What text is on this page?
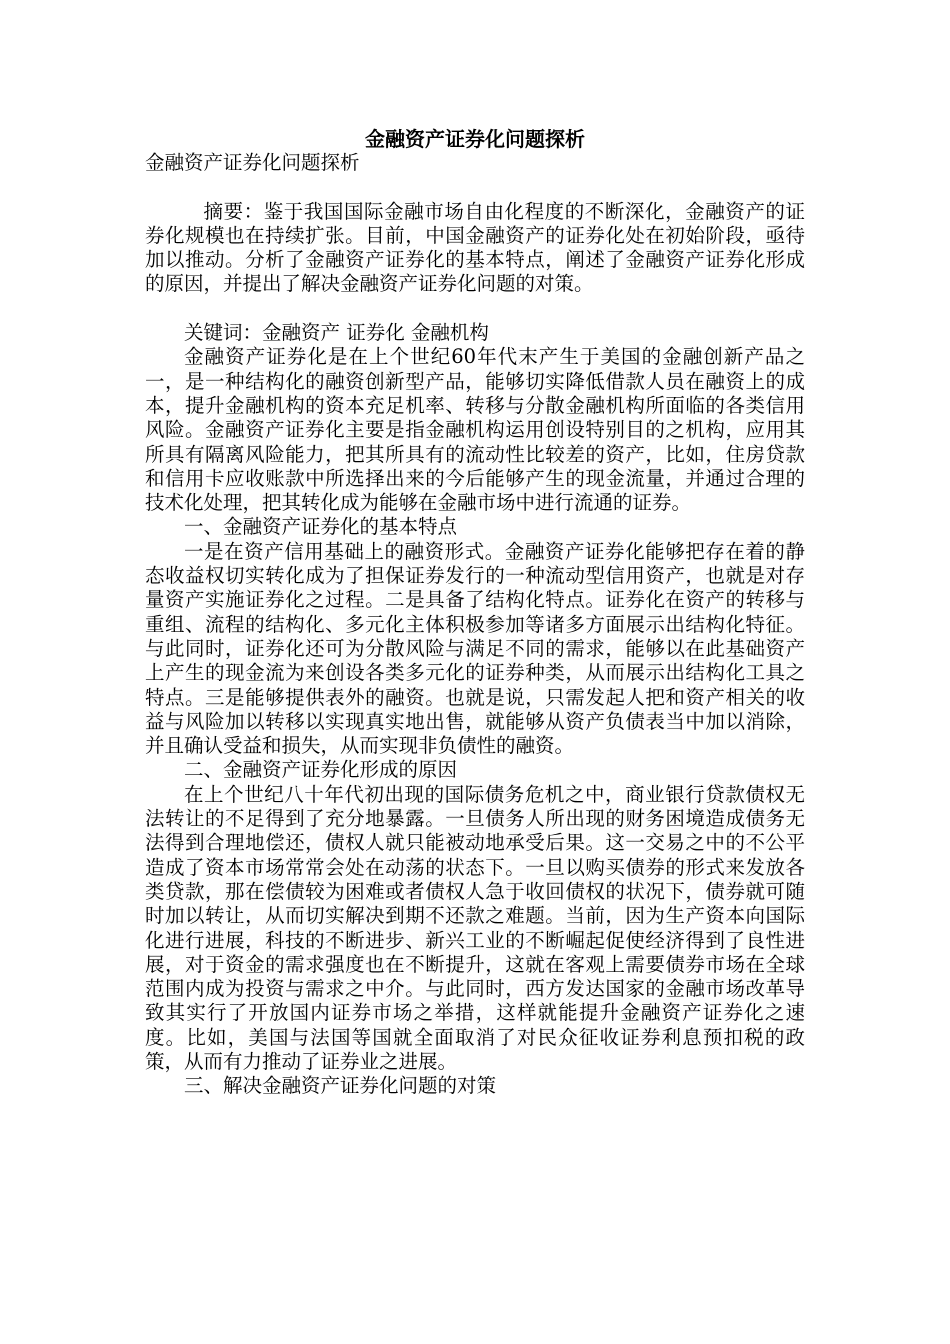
金融资产证券化问题探析

金融资产证券化问题探析

摘要：鉴于我国国际金融市场自由化程度的不断深化，金融资产的证券化规模也在持续扩张。目前，中国金融资产的证券化处在初始阶段，亟待加以推动。分析了金融资产证券化的基本特点，阐述了金融资产证券化形成的原因，并提出了解决金融资产证券化问题的对策。

关键词：金融资产 证券化 金融机构

金融资产证券化是在上个世纪60年代末产生于美国的金融创新产品之一，是一种结构化的融资创新型产品，能够切实降低借款人员在融资上的成本，提升金融机构的资本充足机率、转移与分散金融机构所面临的各类信用风险。金融资产证券化主要是指金融机构运用创设特别目的之机构，应用其所具有隔离风险能力，把其所具有的流动性比较差的资产，比如，住房贷款和信用卡应收账款中所选择出来的今后能够产生的现金流量，并通过合理的技术化处理，把其转化成为能够在金融市场中进行流通的证券。

一、金融资产证券化的基本特点

一是在资产信用基础上的融资形式。金融资产证券化能够把存在着的静态收益权切实转化成为了担保证券发行的一种流动型信用资产，也就是对存量资产实施证券化之过程。二是具备了结构化特点。证券化在资产的转移与重组、流程的结构化、多元化主体积极参加等诸多方面展示出结构化特征。与此同时，证券化还可为分散风险与满足不同的需求，能够以在此基础资产上产生的现金流为来创设各类多元化的证券种类，从而展示出结构化工具之特点。三是能够提供表外的融资。也就是说，只需发起人把和资产相关的收益与风险加以转移以实现真实地出售，就能够从资产负债表当中加以消除，并且确认受益和损失，从而实现非负债性的融资。

二、金融资产证券化形成的原因

在上个世纪八十年代初出现的国际债务危机之中，商业银行贷款债权无法转让的不足得到了充分地暴露。一旦债务人所出现的财务困境造成债务无法得到合理地偿还，债权人就只能被动地承受后果。这一交易之中的不公平造成了资本市场常常会处在动荡的状态下。一旦以购买债券的形式来发放各类贷款，那在偿债较为困难或者债权人急于收回债权的状况下，债券就可随时加以转让，从而切实解决到期不还款之难题。当前，因为生产资本向国际化进行进展，科技的不断进步、新兴工业的不断崛起促使经济得到了良性进展，对于资金的需求强度也在不断提升，这就在客观上需要债券市场在全球范围内成为投资与需求之中介。与此同时，西方发达国家的金融市场改革导致其实行了开放国内证券市场之举措，这样就能提升金融资产证券化之速度。比如，美国与法国等国就全面取消了对民众征收证券利息预扣税的政策，从而有力推动了证券业之进展。

三、解决金融资产证券化问题的对策
